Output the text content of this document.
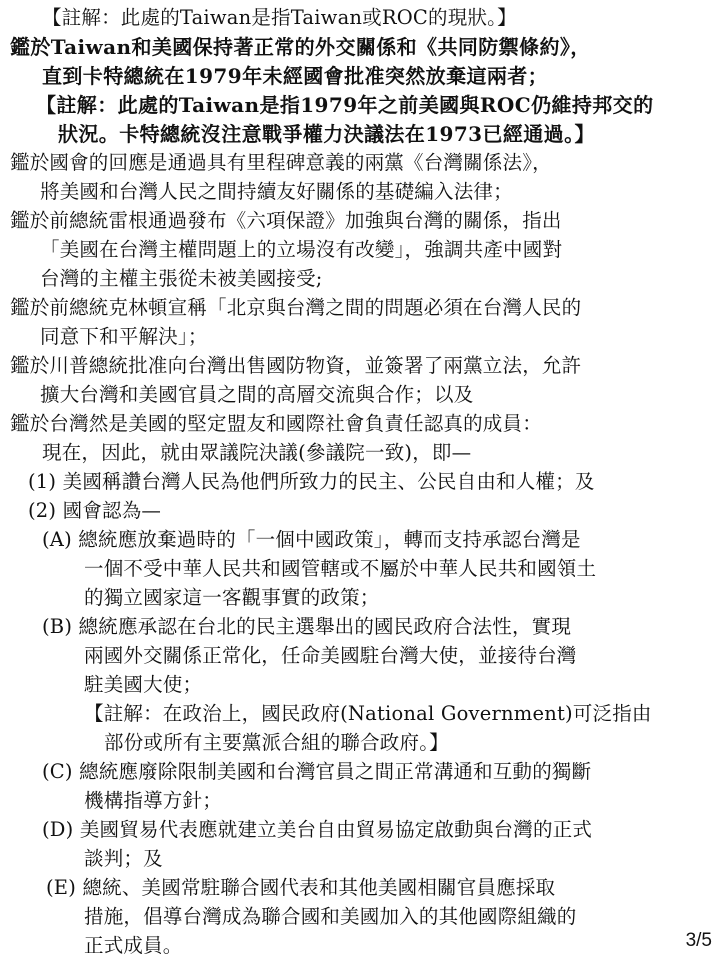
【註解：此處的Taiwan是指Taiwan或ROC的現狀。】
鑑於Taiwan和美國保持著正常的外交關係和《共同防禦條約》，
直到卡特總統在1979年未經國會批准突然放棄這兩者；
【註解：此處的Taiwan是指1979年之前美國與ROC仍維持邦交的
狀況。卡特總統沒注意戰爭權力決議法在1973已經通過。】
鑑於國會的回應是通過具有里程碑意義的兩黨《台灣關係法》，
將美國和台灣人民之間持續友好關係的基礎編入法律；
鑑於前總統雷根通過發布《六項保證》加強與台灣的關係，指出
「美國在台灣主權問題上的立場沒有改變」，強調共產中國對
台灣的主權主張從未被美國接受;
鑑於前總統克林頓宣稱「北京與台灣之間的問題必須在台灣人民的
同意下和平解決」；
鑑於川普總統批准向台灣出售國防物資，並簽署了兩黨立法，允許
擴大台灣和美國官員之間的高層交流與合作；以及
鑑於台灣然是美國的堅定盟友和國際社會負責任認真的成員：
現在，因此，就由眾議院決議(參議院一致)，即—
(1) 美國稱讚台灣人民為他們所致力的民主、公民自由和人權；及
(2) 國會認為—
(A) 總統應放棄過時的「一個中國政策」，轉而支持承認台灣是
一個不受中華人民共和國管轄或不屬於中華人民共和國領土
的獨立國家這一客觀事實的政策；
(B) 總統應承認在台北的民主選舉出的國民政府合法性，實現
兩國外交關係正常化，任命美國駐台灣大使，並接待台灣
駐美國大使；
【註解：在政治上，國民政府(National Government)可泛指由
部份或所有主要黨派合組的聯合政府。】
(C) 總統應廢除限制美國和台灣官員之間正常溝通和互動的獨斷
機構指導方針；
(D) 美國貿易代表應就建立美台自由貿易協定啟動與台灣的正式
談判；及
(E) 總統、美國常駐聯合國代表和其他美國相關官員應採取
措施，倡導台灣成為聯合國和美國加入的其他國際組織的
正式成員。	3/5
